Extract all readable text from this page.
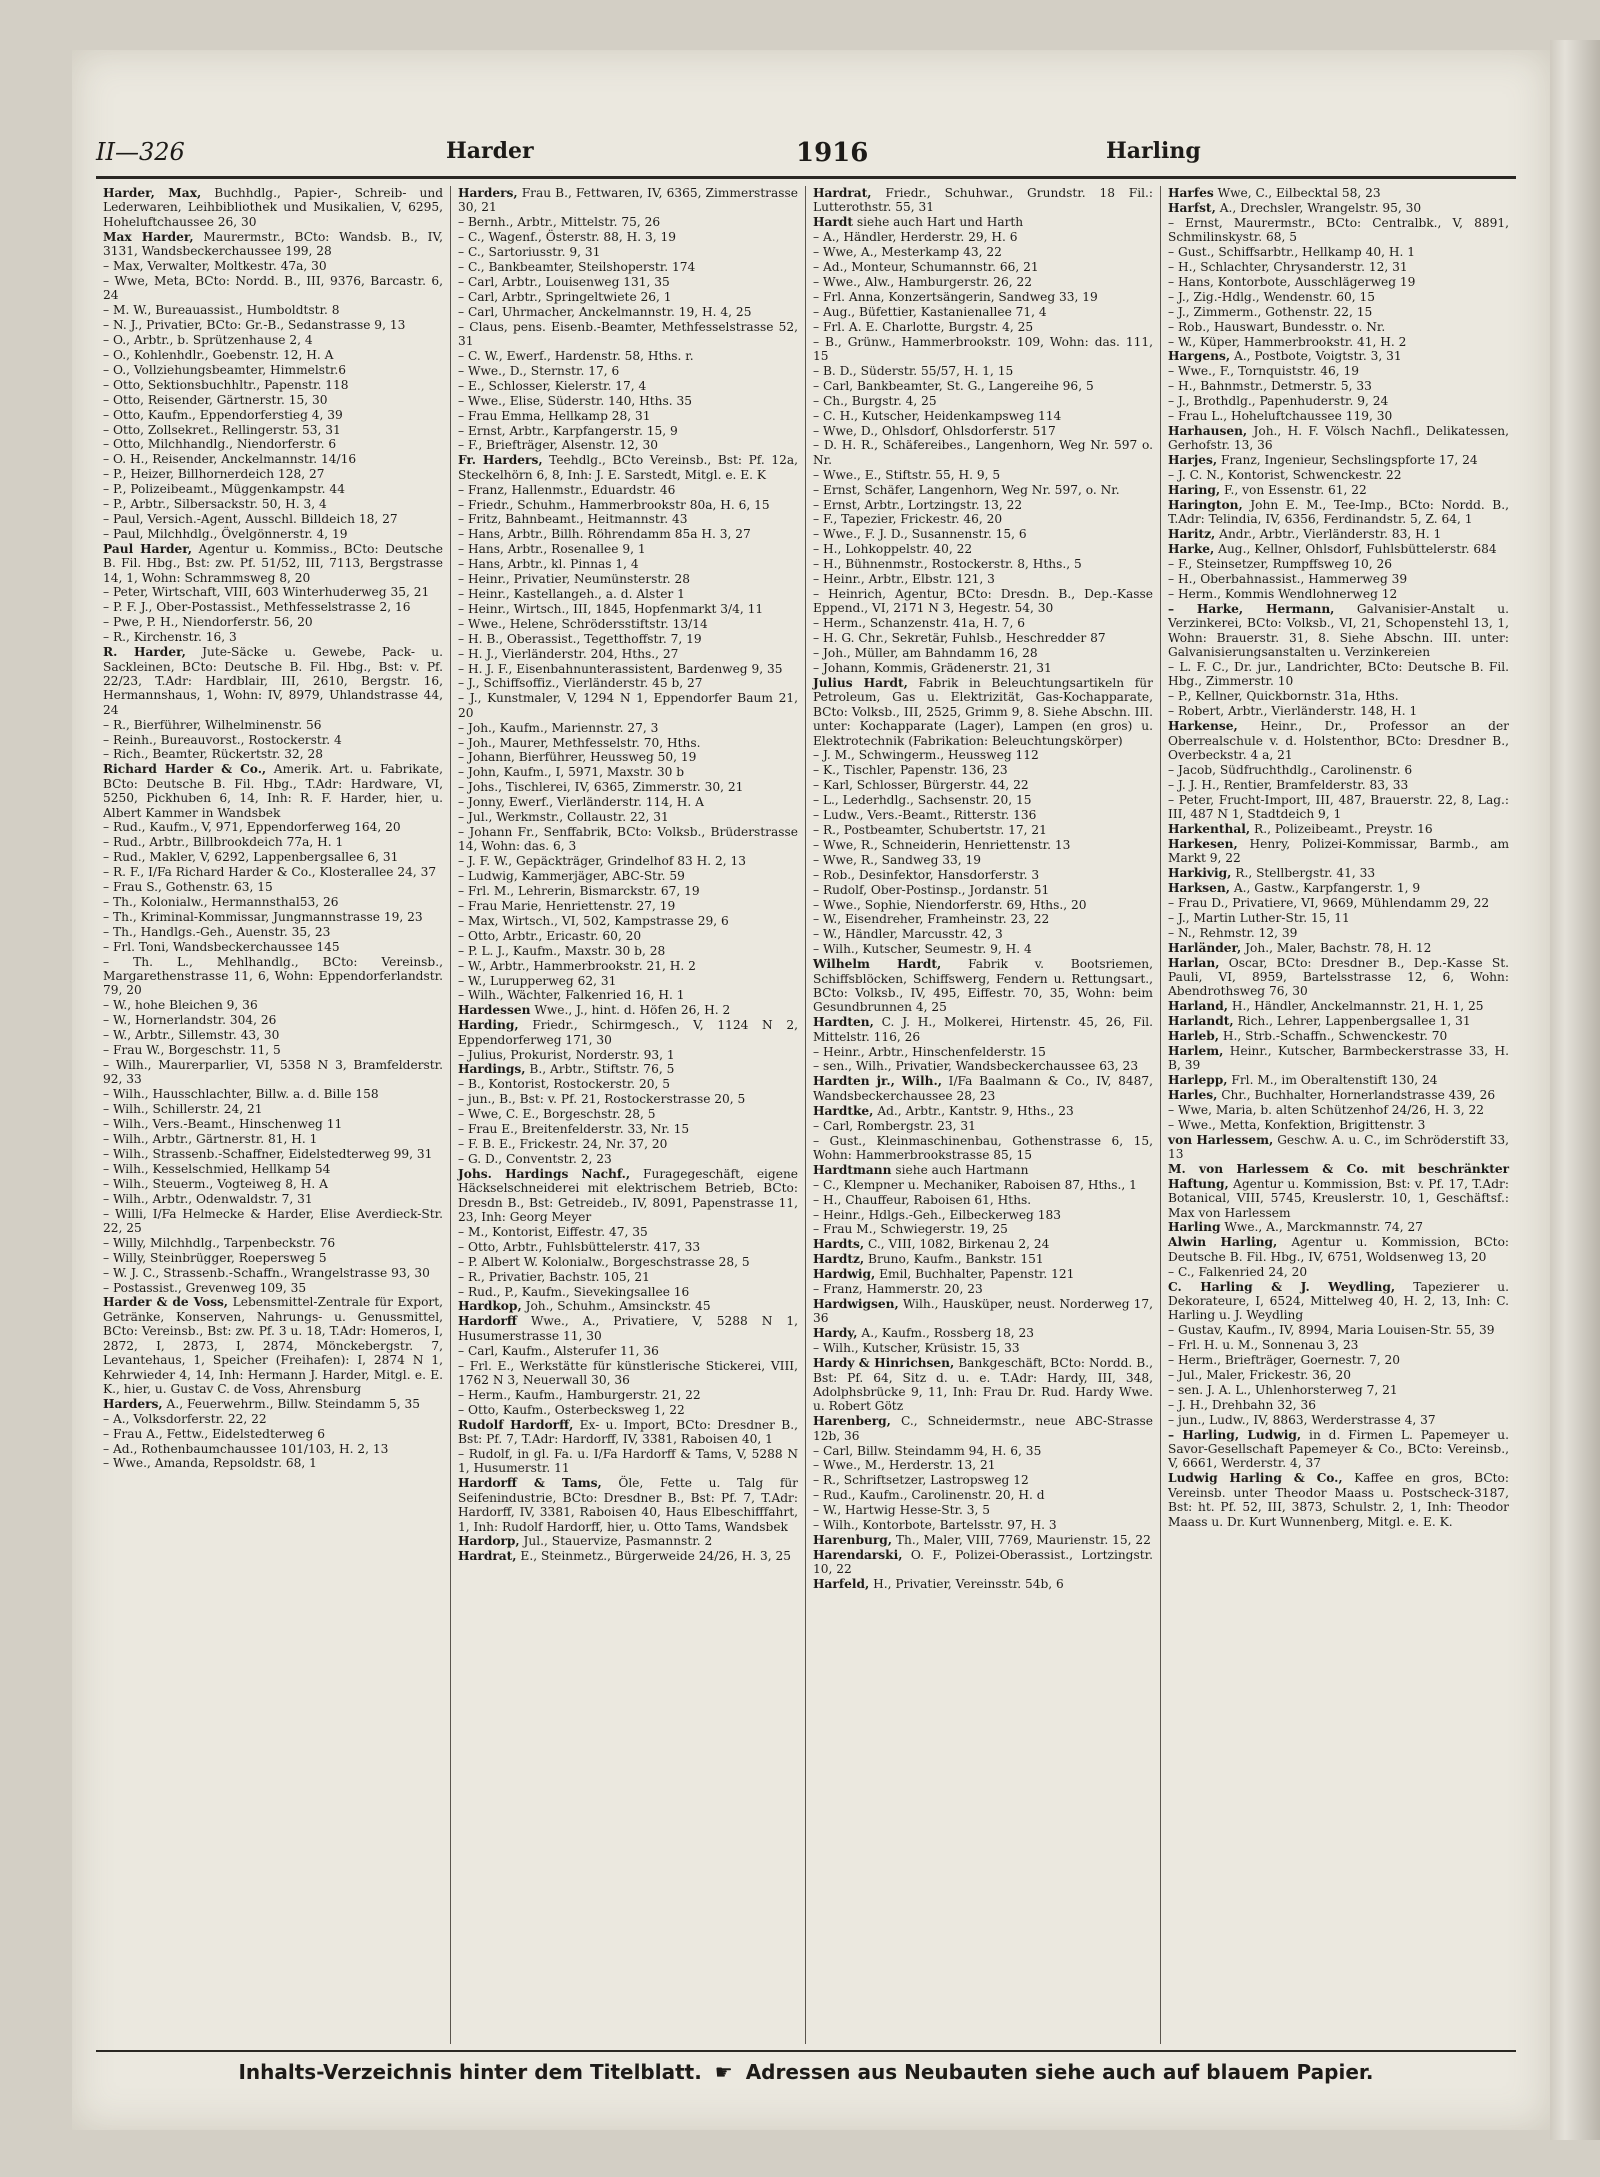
II—326	Harder	1916	Harling
Harder, Max, Buchhdlg., Papier-, Schreib- und Lederwaren, Leihbibliothek und Musikalien, V, 6295, Hoheluftchaussee 26, 30
Max Harder, Maurermstr., BCto: Wandsb. B., IV, 3131, Wandsbeckerchaussee 199, 28
– Max, Verwalter, Moltkestr. 47a, 30
– Wwe, Meta, BCto: Nordd. B., III, 9376, Barcastr. 6, 24
– M. W., Bureauassist., Humboldtstr. 8
– N. J., Privatier, BCto: Gr.-B., Sedanstrasse 9, 13
– O., Arbtr., b. Sprützenhause 2, 4
– O., Kohlenhdlr., Goebenstr. 12, H. A
– O., Vollziehungsbeamter, Himmelstr.6
– Otto, Sektionsbuchhltr., Papenstr. 118
– Otto, Reisender, Gärtnerstr. 15, 30
– Otto, Kaufm., Eppendorferstieg 4, 39
– Otto, Zollsekret., Rellingerstr. 53, 31
– Otto, Milchhandlg., Niendorferstr. 6
– O. H., Reisender, Anckelmannstr. 14/16
– P., Heizer, Billhornerdeich 128, 27
– P., Polizeibeamt., Müggenkampstr. 44
– P., Arbtr., Silbersackstr. 50, H. 3, 4
– Paul, Versich.-Agent, Ausschl. Billdeich 18, 27
– Paul, Milchhdlg., Övelgönnerstr. 4, 19
Paul Harder, Agentur u. Kommiss., BCto: Deutsche B. Fil. Hbg., Bst: zw. Pf. 51/52, III, 7113, Bergstrasse 14, 1, Wohn: Schrammsweg 8, 20
– Peter, Wirtschaft, VIII, 603 Winterhuderweg 35, 21
– P. F. J., Ober-Postassist., Methfesselstrasse 2, 16
– Pwe, P. H., Niendorferstr. 56, 20
– R., Kirchenstr. 16, 3
R. Harder, Jute-Säcke u. Gewebe, Pack- u. Sackleinen, BCto: Deutsche B. Fil. Hbg., Bst: v. Pf. 22/23, T.Adr: Hardblair, III, 2610, Bergstr. 16, Hermannshaus, 1, Wohn: IV, 8979, Uhlandstrasse 44, 24
– R., Bierführer, Wilhelminenstr. 56
– Reinh., Bureauvorst., Rostockerstr. 4
– Rich., Beamter, Rückertstr. 32, 28
Richard Harder & Co., Amerik. Art. u. Fabrikate, BCto: Deutsche B. Fil. Hbg., T.Adr: Hardware, VI, 5250, Pickhuben 6, 14, Inh: R. F. Harder, hier, u. Albert Kammer in Wandsbek
– Rud., Kaufm., V, 971, Eppendorferweg 164, 20
– Rud., Arbtr., Billbrookdeich 77a, H. 1
– Rud., Makler, V, 6292, Lappenbergsallee 6, 31
– R. F., I/Fa Richard Harder & Co., Klosterallee 24, 37
– Frau S., Gothenstr. 63, 15
– Th., Kolonialw., Hermannsthal53, 26
– Th., Kriminal-Kommissar, Jungmannstrasse 19, 23
– Th., Handlgs.-Geh., Auenstr. 35, 23
– Frl. Toni, Wandsbeckerchaussee 145
– Th. L., Mehlhandlg., BCto: Vereinsb., Margarethenstrasse 11, 6, Wohn: Eppendorferlandstr. 79, 20
– W., hohe Bleichen 9, 36
– W., Hornerlandstr. 304, 26
– W., Arbtr., Sillemstr. 43, 30
– Frau W., Borgeschstr. 11, 5
– Wilh., Maurerparlier, VI, 5358 N 3, Bramfelderstr. 92, 33
– Wilh., Hausschlachter, Billw. a. d. Bille 158
– Wilh., Schillerstr. 24, 21
– Wilh., Vers.-Beamt., Hinschenweg 11
– Wilh., Arbtr., Gärtnerstr. 81, H. 1
– Wilh., Strassenb.-Schaffner, Eidelstedterweg 99, 31
– Wilh., Kesselschmied, Hellkamp 54
– Wilh., Steuerm., Vogteiweg 8, H. A
– Wilh., Arbtr., Odenwaldstr. 7, 31
– Willi, I/Fa Helmecke & Harder, Elise Averdieck-Str. 22, 25
– Willy, Milchhdlg., Tarpenbeckstr. 76
– Willy, Steinbrügger, Roepersweg 5
– W. J. C., Strassenb.-Schaffn., Wrangelstrasse 93, 30
– Postassist., Grevenweg 109, 35
Harder & de Voss, Lebensmittel-Zentrale für Export, Getränke, Konserven, Nahrungs- u. Genussmittel, BCto: Vereinsb., Bst: zw. Pf. 3 u. 18, T.Adr: Homeros, I, 2872, I, 2873, I, 2874, Mönckebergstr. 7, Levantehaus, 1, Speicher (Freihafen): I, 2874 N 1, Kehrwieder 4, 14, Inh: Hermann J. Harder, Mitgl. e. E. K., hier, u. Gustav C. de Voss, Ahrensburg
Harders, A., Feuerwehrm., Billw. Steindamm 5, 35
– A., Volksdorferstr. 22, 22
– Frau A., Fettw., Eidelstedterweg 6
– Ad., Rothenbaumchaussee 101/103, H. 2, 13
– Wwe., Amanda, Repsoldstr. 68, 1
Harders, Frau B., Fettwaren, IV, 6365, Zimmerstrasse 30, 21
– Bernh., Arbtr., Mittelstr. 75, 26
– C., Wagenf., Österstr. 88, H. 3, 19
– C., Sartoriusstr. 9, 31
– C., Bankbeamter, Steilshoperstr. 174
– Carl, Arbtr., Louisenweg 131, 35
– Carl, Arbtr., Springeltwiete 26, 1
– Carl, Uhrmacher, Anckelmannstr. 19, H. 4, 25
– Claus, pens. Eisenb.-Beamter, Methfesselstrasse 52, 31
– C. W., Ewerf., Hardenstr. 58, Hths. r.
– Wwe., D., Sternstr. 17, 6
– E., Schlosser, Kielerstr. 17, 4
– Wwe., Elise, Süderstr. 140, Hths. 35
– Frau Emma, Hellkamp 28, 31
– Ernst, Arbtr., Karpfangerstr. 15, 9
– F., Briefträger, Alsenstr. 12, 30
Fr. Harders, Teehdlg., BCto Vereinsb., Bst: Pf. 12a, Steckelhörn 6, 8, Inh: J. E. Sarstedt, Mitgl. e. E. K
– Franz, Hallenmstr., Eduardstr. 46
– Friedr., Schuhm., Hammerbrookstr 80a, H. 6, 15
– Fritz, Bahnbeamt., Heitmannstr. 43
– Hans, Arbtr., Billh. Röhrendamm 85a H. 3, 27
– Hans, Arbtr., Rosenallee 9, 1
– Hans, Arbtr., kl. Pinnas 1, 4
– Heinr., Privatier, Neumünsterstr. 28
– Heinr., Kastellangeh., a. d. Alster 1
– Heinr., Wirtsch., III, 1845, Hopfenmarkt 3/4, 11
– Wwe., Helene, Schrödersstiftstr. 13/14
– H. B., Oberassist., Tegetthoffstr. 7, 19
– H. J., Vierländerstr. 204, Hths., 27
– H. J. F., Eisenbahnunterassistent, Bardenweg 9, 35
– J., Schiffsoffiz., Vierländerstr. 45 b, 27
– J., Kunstmaler, V, 1294 N 1, Eppendorfer Baum 21, 20
– Joh., Kaufm., Mariennstr. 27, 3
– Joh., Maurer, Methfesselstr. 70, Hths.
– Johann, Bierführer, Heussweg 50, 19
– John, Kaufm., I, 5971, Maxstr. 30 b
– Johs., Tischlerei, IV, 6365, Zimmerstr. 30, 21
– Jonny, Ewerf., Vierländerstr. 114, H. A
– Jul., Werkmstr., Collaustr. 22, 31
– Johann Fr., Senffabrik, BCto: Volksb., Brüderstrasse 14, Wohn: das. 6, 3
– J. F. W., Gepäckträger, Grindelhof 83 H. 2, 13
– Ludwig, Kammerjäger, ABC-Str. 59
– Frl. M., Lehrerin, Bismarckstr. 67, 19
– Frau Marie, Henriettenstr. 27, 19
– Max, Wirtsch., VI, 502, Kampstrasse 29, 6
– Otto, Arbtr., Ericastr. 60, 20
– P. L. J., Kaufm., Maxstr. 30 b, 28
– W., Arbtr., Hammerbrookstr. 21, H. 2
– W., Lurupperweg 62, 31
– Wilh., Wächter, Falkenried 16, H. 1
Hardessen Wwe., J., hint. d. Höfen 26, H. 2
Harding, Friedr., Schirmgesch., V, 1124 N 2, Eppendorferweg 171, 30
– Julius, Prokurist, Norderstr. 93, 1
Hardings, B., Arbtr., Stiftstr. 76, 5
– B., Kontorist, Rostockerstr. 20, 5
– jun., B., Bst: v. Pf. 21, Rostockerstrasse 20, 5
– Wwe, C. E., Borgeschstr. 28, 5
– Frau E., Breitenfelderstr. 33, Nr. 15
– F. B. E., Frickestr. 24, Nr. 37, 20
– G. D., Conventstr. 2, 23
Johs. Hardings Nachf., Furagegeschäft, eigene Häckselschneiderei mit elektrischem Betrieb, BCto: Dresdn B., Bst: Getreideb., IV, 8091, Papenstrasse 11, 23, Inh: Georg Meyer
– M., Kontorist, Eiffestr. 47, 35
– Otto, Arbtr., Fuhlsbüttelerstr. 417, 33
– P. Albert W. Kolonialw., Borgeschstrasse 28, 5
– R., Privatier, Bachstr. 105, 21
– Rud., P., Kaufm., Sievekingsallee 16
Hardkop, Joh., Schuhm., Amsinckstr. 45
Hardorff Wwe., A., Privatiere, V, 5288 N 1, Husumerstrasse 11, 30
– Carl, Kaufm., Alsterufer 11, 36
– Frl. E., Werkstätte für künstlerische Stickerei, VIII, 1762 N 3, Neuerwall 30, 36
– Herm., Kaufm., Hamburgerstr. 21, 22
– Otto, Kaufm., Osterbecksweg 1, 22
Rudolf Hardorff, Ex- u. Import, BCto: Dresdner B., Bst: Pf. 7, T.Adr: Hardorff, IV, 3381, Raboisen 40, 1
– Rudolf, in gl. Fa. u. I/Fa Hardorff & Tams, V, 5288 N 1, Husumerstr. 11
Hardorff & Tams, Öle, Fette u. Talg für Seifenindustrie, BCto: Dresdner B., Bst: Pf. 7, T.Adr: Hardorff, IV, 3381, Raboisen 40, Haus Elbeschifffahrt, 1, Inh: Rudolf Hardorff, hier, u. Otto Tams, Wandsbek
Hardorp, Jul., Stauervize, Pasmannstr. 2
Hardrat, E., Steinmetz., Bürgerweide 24/26, H. 3, 25
Hardrat, Friedr., Schuhwar., Grundstr. 18 Fil.: Lutterothstr. 55, 31
Hardt siehe auch Hart und Harth
– A., Händler, Herderstr. 29, H. 6
– Wwe, A., Mesterkamp 43, 22
– Ad., Monteur, Schumannstr. 66, 21
– Wwe., Alw., Hamburgerstr. 26, 22
– Frl. Anna, Konzertsängerin, Sandweg 33, 19
– Aug., Büfettier, Kastanienallee 71, 4
– Frl. A. E. Charlotte, Burgstr. 4, 25
– B., Grünw., Hammerbrookstr. 109, Wohn: das. 111, 15
– B. D., Süderstr. 55/57, H. 1, 15
– Carl, Bankbeamter, St. G., Langereihe 96, 5
– Ch., Burgstr. 4, 25
– C. H., Kutscher, Heidenkampsweg 114
– Wwe, D., Ohlsdorf, Ohlsdorferstr. 517
– D. H. R., Schäfereibes., Langenhorn, Weg Nr. 597 o. Nr.
– Wwe., E., Stiftstr. 55, H. 9, 5
– Ernst, Schäfer, Langenhorn, Weg Nr. 597, o. Nr.
– Ernst, Arbtr., Lortzingstr. 13, 22
– F., Tapezier, Frickestr. 46, 20
– Wwe., F. J. D., Susannenstr. 15, 6
– H., Lohkoppelstr. 40, 22
– H., Bühnenmstr., Rostockerstr. 8, Hths., 5
– Heinr., Arbtr., Elbstr. 121, 3
– Heinrich, Agentur, BCto: Dresdn. B., Dep.-Kasse Eppend., VI, 2171 N 3, Hegestr. 54, 30
– Herm., Schanzenstr. 41a, H. 7, 6
– H. G. Chr., Sekretär, Fuhlsb., Heschredder 87
– Joh., Müller, am Bahndamm 16, 28
– Johann, Kommis, Grädenerstr. 21, 31
Julius Hardt, Fabrik in Beleuchtungsartikeln für Petroleum, Gas u. Elektrizität, Gas-Kochapparate, BCto: Volksb., III, 2525, Grimm 9, 8. Siehe Abschn. III. unter: Kochapparate (Lager), Lampen (en gros) u. Elektrotechnik (Fabrikation: Beleuchtungskörper)
– J. M., Schwingerm., Heussweg 112
– K., Tischler, Papenstr. 136, 23
– Karl, Schlosser, Bürgerstr. 44, 22
– L., Lederhdlg., Sachsenstr. 20, 15
– Ludw., Vers.-Beamt., Ritterstr. 136
– R., Postbeamter, Schubertstr. 17, 21
– Wwe, R., Schneiderin, Henriettenstr. 13
– Wwe, R., Sandweg 33, 19
– Rob., Desinfektor, Hansdorferstr. 3
– Rudolf, Ober-Postinsp., Jordanstr. 51
– Wwe., Sophie, Niendorferstr. 69, Hths., 20
– W., Eisendreher, Framheinstr. 23, 22
– W., Händler, Marcusstr. 42, 3
– Wilh., Kutscher, Seumestr. 9, H. 4
Wilhelm Hardt, Fabrik v. Bootsriemen, Schiffsblöcken, Schiffswerg, Fendern u. Rettungsart., BCto: Volksb., IV, 495, Eiffestr. 70, 35, Wohn: beim Gesundbrunnen 4, 25
Hardten, C. J. H., Molkerei, Hirtenstr. 45, 26, Fil. Mittelstr. 116, 26
– Heinr., Arbtr., Hinschenfelderstr. 15
– sen., Wilh., Privatier, Wandsbeckerchaussee 63, 23
Hardten jr., Wilh., I/Fa Baalmann & Co., IV, 8487, Wandsbeckerchaussee 28, 23
Hardtke, Ad., Arbtr., Kantstr. 9, Hths., 23
– Carl, Rombergstr. 23, 31
– Gust., Kleinmaschinenbau, Gothenstrasse 6, 15, Wohn: Hammerbrookstrasse 85, 15
Hardtmann siehe auch Hartmann
– C., Klempner u. Mechaniker, Raboisen 87, Hths., 1
– H., Chauffeur, Raboisen 61, Hths.
– Heinr., Hdlgs.-Geh., Eilbeckerweg 183
– Frau M., Schwiegerstr. 19, 25
Hardts, C., VIII, 1082, Birkenau 2, 24
Hardtz, Bruno, Kaufm., Bankstr. 151
Hardwig, Emil, Buchhalter, Papenstr. 121
– Franz, Hammerstr. 20, 23
Hardwigsen, Wilh., Hausküper, neust. Norderweg 17, 36
Hardy, A., Kaufm., Rossberg 18, 23
– Wilh., Kutscher, Krüsistr. 15, 33
Hardy & Hinrichsen, Bankgeschäft, BCto: Nordd. B., Bst: Pf. 64, Sitz d. u. e. T.Adr: Hardy, III, 348, Adolphsbrücke 9, 11, Inh: Frau Dr. Rud. Hardy Wwe. u. Robert Götz
Harenberg, C., Schneidermstr., neue ABC-Strasse 12b, 36
– Carl, Billw. Steindamm 94, H. 6, 35
– Wwe., M., Herderstr. 13, 21
– R., Schriftsetzer, Lastropsweg 12
– Rud., Kaufm., Carolinenstr. 20, H. d
– W., Hartwig Hesse-Str. 3, 5
– Wilh., Kontorbote, Bartelsstr. 97, H. 3
Harenburg, Th., Maler, VIII, 7769, Maurienstr. 15, 22
Harendarski, O. F., Polizei-Oberassist., Lortzingstr. 10, 22
Harfeld, H., Privatier, Vereinsstr. 54b, 6
Harfes Wwe, C., Eilbecktal 58, 23
Harfst, A., Drechsler, Wrangelstr. 95, 30
– Ernst, Maurermstr., BCto: Centralbk., V, 8891, Schmilinskystr. 68, 5
– Gust., Schiffsarbtr., Hellkamp 40, H. 1
– H., Schlachter, Chrysanderstr. 12, 31
– Hans, Kontorbote, Ausschlägerweg 19
– J., Zig.-Hdlg., Wendenstr. 60, 15
– J., Zimmerm., Gothenstr. 22, 15
– Rob., Hauswart, Bundesstr. o. Nr.
– W., Küper, Hammerbrookstr. 41, H. 2
Hargens, A., Postbote, Voigtstr. 3, 31
– Wwe., F., Tornquiststr. 46, 19
– H., Bahnmstr., Detmerstr. 5, 33
– J., Brothdlg., Papenhuderstr. 9, 24
– Frau L., Hoheluftchaussee 119, 30
Harhausen, Joh., H. F. Völsch Nachfl., Delikatessen, Gerhofstr. 13, 36
Harjes, Franz, Ingenieur, Sechslingspforte 17, 24
– J. C. N., Kontorist, Schwenckestr. 22
Haring, F., von Essenstr. 61, 22
Harington, John E. M., Tee-Imp., BCto: Nordd. B., T.Adr: Telindia, IV, 6356, Ferdinandstr. 5, Z. 64, 1
Haritz, Andr., Arbtr., Vierländerstr. 83, H. 1
Harke, Aug., Kellner, Ohlsdorf, Fuhlsbüttelerstr. 684
– F., Steinsetzer, Rumpffsweg 10, 26
– H., Oberbahnassist., Hammerweg 39
– Herm., Kommis Wendlohnerweg 12
– Harke, Hermann, Galvanisier-Anstalt u. Verzinkerei, BCto: Volksb., VI, 21, Schopenstehl 13, 1, Wohn: Brauerstr. 31, 8. Siehe Abschn. III. unter: Galvanisierungsanstalten u. Verzinkereien
– L. F. C., Dr. jur., Landrichter, BCto: Deutsche B. Fil. Hbg., Zimmerstr. 10
– P., Kellner, Quickbornstr. 31a, Hths.
– Robert, Arbtr., Vierländerstr. 148, H. 1
Harkense, Heinr., Dr., Professor an der Oberrealschule v. d. Holstenthor, BCto: Dresdner B., Overbeckstr. 4 a, 21
– Jacob, Südfruchthdlg., Carolinenstr. 6
– J. J. H., Rentier, Bramfelderstr. 83, 33
– Peter, Frucht-Import, III, 487, Brauerstr. 22, 8, Lag.: III, 487 N 1, Stadtdeich 9, 1
Harkenthal, R., Polizeibeamt., Preystr. 16
Harkesen, Henry, Polizei-Kommissar, Barmb., am Markt 9, 22
Harkivig, R., Stellbergstr. 41, 33
Harksen, A., Gastw., Karpfangerstr. 1, 9
– Frau D., Privatiere, VI, 9669, Mühlendamm 29, 22
– J., Martin Luther-Str. 15, 11
– N., Rehmstr. 12, 39
Harländer, Joh., Maler, Bachstr. 78, H. 12
Harlan, Oscar, BCto: Dresdner B., Dep.-Kasse St. Pauli, VI, 8959, Bartelsstrasse 12, 6, Wohn: Abendrothsweg 76, 30
Harland, H., Händler, Anckelmannstr. 21, H. 1, 25
Harlandt, Rich., Lehrer, Lappenbergsallee 1, 31
Harleb, H., Strb.-Schaffn., Schwenckestr. 70
Harlem, Heinr., Kutscher, Barmbeckerstrasse 33, H. B, 39
Harlepp, Frl. M., im Oberaltenstift 130, 24
Harles, Chr., Buchhalter, Hornerlandstrasse 439, 26
– Wwe, Maria, b. alten Schützenhof 24/26, H. 3, 22
– Wwe., Metta, Konfektion, Brigittenstr. 3
von Harlessem, Geschw. A. u. C., im Schröderstift 33, 13
M. von Harlessem & Co. mit beschränkter Haftung, Agentur u. Kommission, Bst: v. Pf. 17, T.Adr: Botanical, VIII, 5745, Kreuslerstr. 10, 1, Geschäftsf.: Max von Harlessem
Harling Wwe., A., Marckmannstr. 74, 27
Alwin Harling, Agentur u. Kommission, BCto: Deutsche B. Fil. Hbg., IV, 6751, Woldsenweg 13, 20
– C., Falkenried 24, 20
C. Harling & J. Weydling, Tapezierer u. Dekorateure, I, 6524, Mittelweg 40, H. 2, 13, Inh: C. Harling u. J. Weydling
– Gustav, Kaufm., IV, 8994, Maria Louisen-Str. 55, 39
– Frl. H. u. M., Sonnenau 3, 23
– Herm., Briefträger, Goernestr. 7, 20
– Jul., Maler, Frickestr. 36, 20
– sen. J. A. L., Uhlenhorsterweg 7, 21
– J. H., Drehbahn 32, 36
– jun., Ludw., IV, 8863, Werderstrasse 4, 37
– Harling, Ludwig, in d. Firmen L. Papemeyer u. Savor-Gesellschaft Papemeyer & Co., BCto: Vereinsb., V, 6661, Werderstr. 4, 37
Ludwig Harling & Co., Kaffee en gros, BCto: Vereinsb. unter Theodor Maass u. Postscheck-3187, Bst: ht. Pf. 52, III, 3873, Schulstr. 2, 1, Inh: Theodor Maass u. Dr. Kurt Wunnenberg, Mitgl. e. E. K.
Inhalts-Verzeichnis hinter dem Titelblatt. ☛ Adressen aus Neubauten siehe auch auf blauem Papier.
